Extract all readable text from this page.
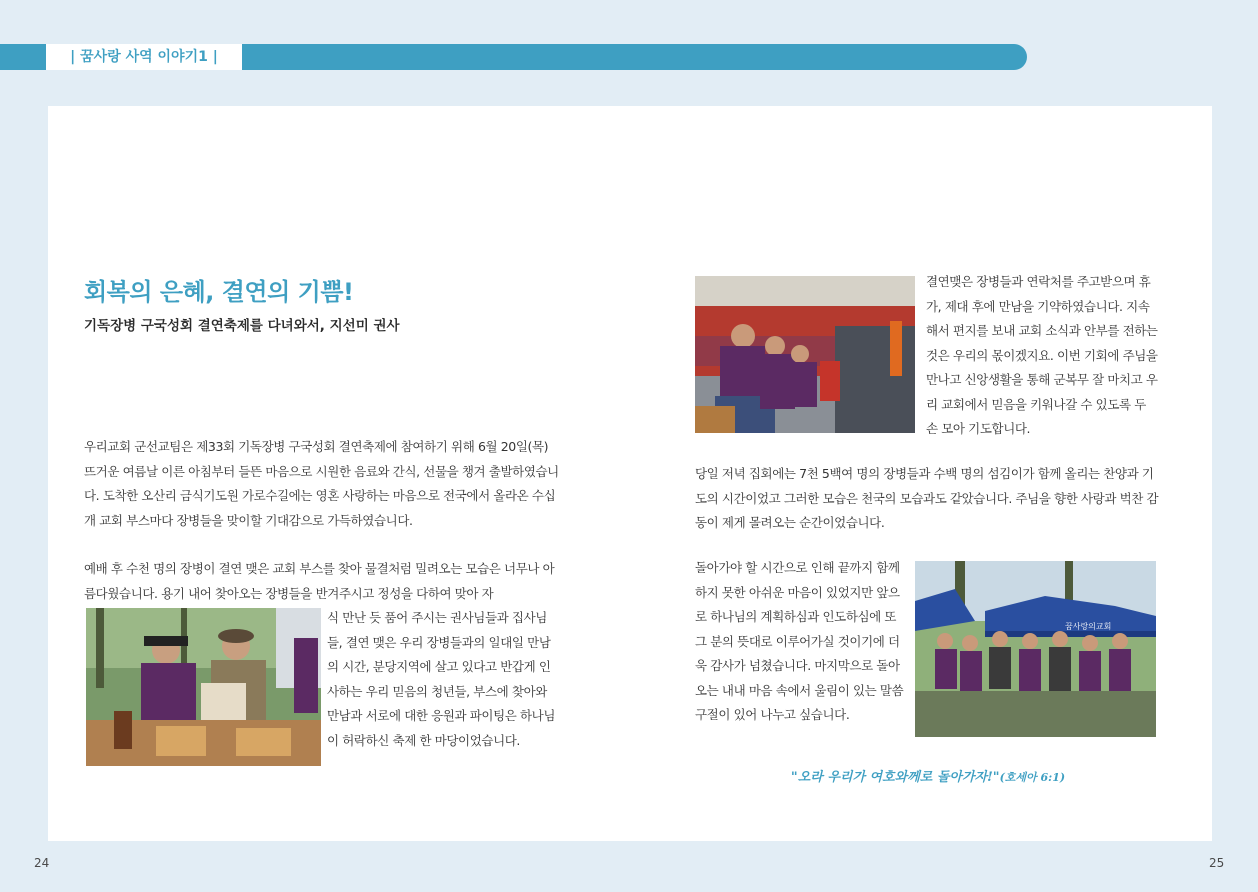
| 꿈사랑 사역 이야기1 |
회복의 은혜, 결연의 기쁨!

기독장병 구국성회 결연축제를 다녀와서, 지선미 권사

우리교회 군선교팀은 제33회 기독장병 구국성회 결연축제에 참여하기 위해 6월 20일(목) 뜨거운 여름날 이른 아침부터 들뜬 마음으로 시원한 음료와 간식, 선물을 챙겨 출발하였습니다. 도착한 오산리 금식기도원 가로수길에는 영혼 사랑하는 마음으로 전국에서 올라온 수십 개 교회 부스마다 장병들을 맞이할 기대감으로 가득하였습니다.

예배 후 수천 명의 장병이 결연 맺은 교회 부스를 찾아 물결처럼 밀려오는 모습은 너무나 아름다웠습니다. 용기 내어 찾아오는 장병들을 반겨주시고 정성을 다하여 맞아 자

식 만난 듯 품어 주시는 권사님들과 집사님들, 결연 맺은 우리 장병들과의 일대일 만남의 시간, 분당지역에 살고 있다고 반갑게 인사하는 우리 믿음의 청년들, 부스에 찾아와 만남과 서로에 대한 응원과 파이팅은 하나님이 허락하신 축제 한 마당이었습니다.

결연맺은 장병들과 연락처를 주고받으며 휴가, 제대 후에 만남을 기약하였습니다. 지속해서 편지를 보내 교회 소식과 안부를 전하는 것은 우리의 몫이겠지요. 이번 기회에 주님을 만나고 신앙생활을 통해 군복무 잘 마치고 우리 교회에서 믿음을 키워나갈 수 있도록 두 손 모아 기도합니다.

당일 저녁 집회에는 7천 5백여 명의 장병들과 수백 명의 섬김이가 함께 올리는 찬양과 기도의 시간이었고 그러한 모습은 천국의 모습과도 같았습니다. 주님을 향한 사랑과 벅찬 감동이 제게 몰려오는 순간이었습니다.

돌아가야 할 시간으로 인해 끝까지 함께 하지 못한 아쉬운 마음이 있었지만 앞으로 하나님의 계획하심과 인도하심에 또 그 분의 뜻대로 이루어가실 것이기에 더욱 감사가 넘쳤습니다. 마지막으로 돌아오는 내내 마음 속에서 울림이 있는 말씀 구절이 있어 나누고 싶습니다.

꿈사랑의교회

"오라 우리가 여호와께로 돌아가자!"(호세아 6:1)

24	25
